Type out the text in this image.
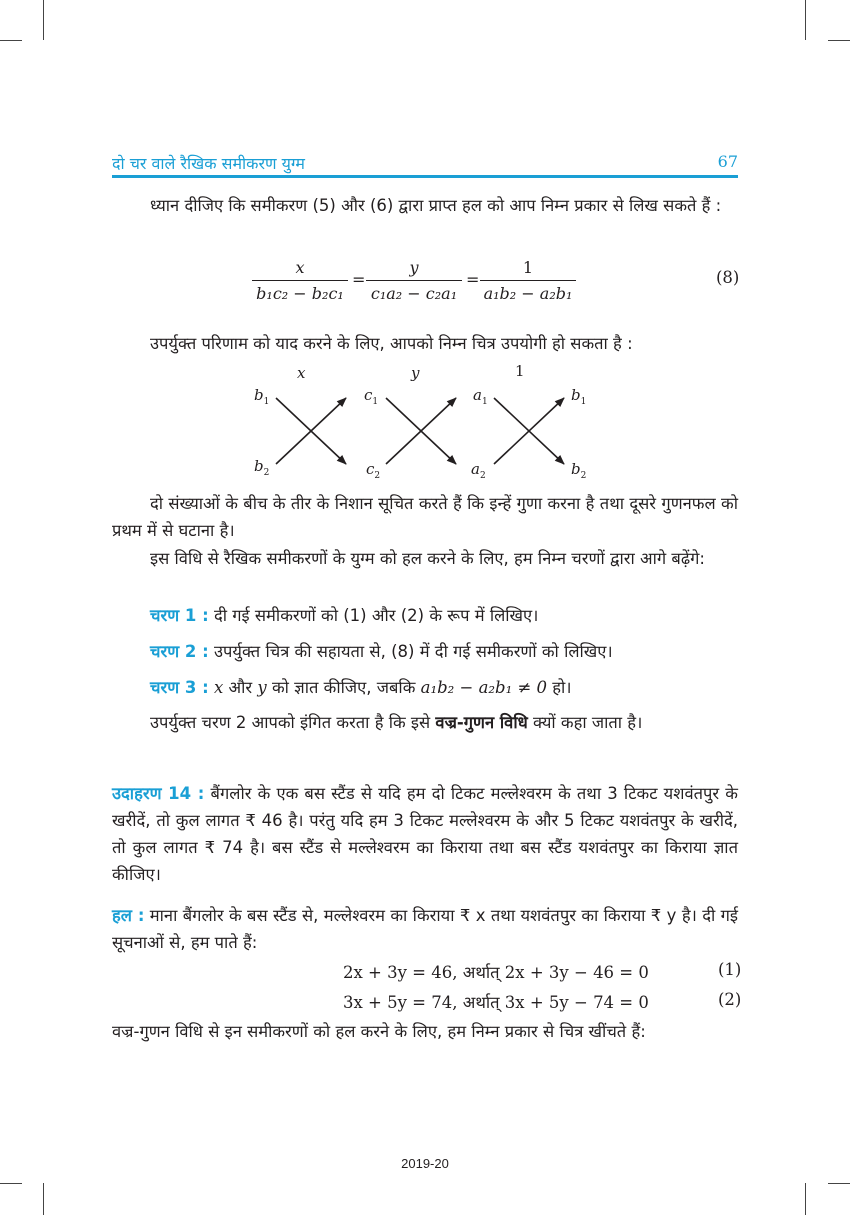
दो चर वाले रैखिक समीकरण युग्म	67
ध्यान दीजिए कि समीकरण (5) और (6) द्वारा प्राप्त हल को आप निम्न प्रकार से लिख सकते हैं :
$\frac{x}{\text{b₁c₂ − b₂c₁}} = \frac{y}{\text{c₁a₂ − c₂a₁}} = \frac{1}{\text{a₁b₂ − a₂b₁}}$	(8)
उपर्युक्त परिणाम को याद करने के लिए, आपको निम्न चित्र उपयोगी हो सकता है :
x	y	1
$b_1$	$c_1$	$a_1$	$b_1$
$b_2$	$c_2$	$a_2$	$b_2$
दो संख्याओं के बीच के तीर के निशान सूचित करते हैं कि इन्हें गुणा करना है तथा दूसरे गुणनफल को प्रथम में से घटाना है।
इस विधि से रैखिक समीकरणों के युग्म को हल करने के लिए, हम निम्न चरणों द्वारा आगे बढ़ेंगे:
चरण 1 : दी गई समीकरणों को (1) और (2) के रूप में लिखिए।
चरण 2 : उपर्युक्त चित्र की सहायता से, (8) में दी गई समीकरणों को लिखिए।
चरण 3 : x और y को ज्ञात कीजिए, जबकि a₁b₂ − a₂b₁ ≠ 0 हो।
उपर्युक्त चरण 2 आपको इंगित करता है कि इसे वज्र-गुणन विधि क्यों कहा जाता है।
उदाहरण 14 : बैंगलोर के एक बस स्टैंड से यदि हम दो टिकट मल्लेश्वरम के तथा 3 टिकट यशवंतपुर के खरीदें, तो कुल लागत ₹ 46 है। परंतु यदि हम 3 टिकट मल्लेश्वरम के और 5 टिकट यशवंतपुर के खरीदें, तो कुल लागत ₹ 74 है। बस स्टैंड से मल्लेश्वरम का किराया तथा बस स्टैंड यशवंतपुर का किराया ज्ञात कीजिए।
हल : माना बैंगलोर के बस स्टैंड से, मल्लेश्वरम का किराया ₹ x तथा यशवंतपुर का किराया ₹ y है। दी गई सूचनाओं से, हम पाते हैं:
2x + 3y = 46, अर्थात् 2x + 3y − 46 = 0	(1)
3x + 5y = 74, अर्थात् 3x + 5y − 74 = 0	(2)
वज्र-गुणन विधि से इन समीकरणों को हल करने के लिए, हम निम्न प्रकार से चित्र खींचते हैं:
2019-20
